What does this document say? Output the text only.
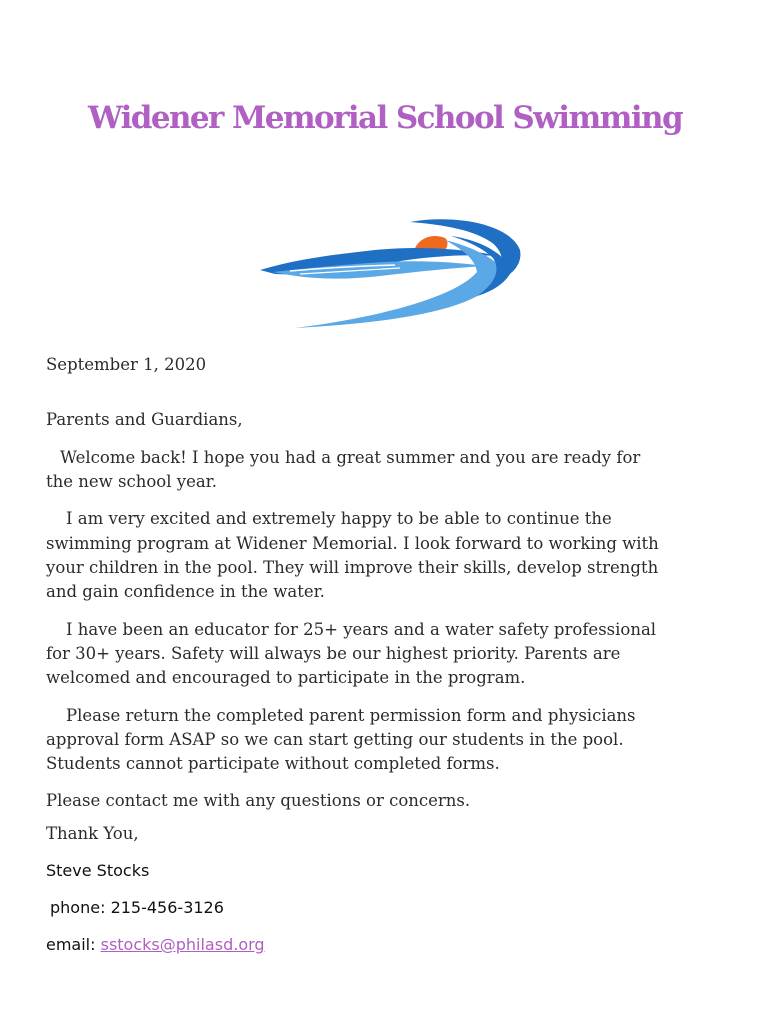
Widener Memorial School Swimming

September 1, 2020

Parents and Guardians,

Welcome back! I hope you had a great summer and you are ready for

the new school year.

I am very excited and extremely happy to be able to continue the

swimming program at Widener Memorial. I look forward to working with

your children in the pool. They will improve their skills, develop strength

and gain confidence in the water.

I have been an educator for 25+ years and a water safety professional

for 30+ years. Safety will always be our highest priority. Parents are

welcomed and encouraged to participate in the program.

Please return the completed parent permission form and physicians

approval form ASAP so we can start getting our students in the pool.

Students cannot participate without completed forms.

Please contact me with any questions or concerns.

Thank You,

Steve Stocks

phone: 215-456-3126

email: sstocks@philasd.org
